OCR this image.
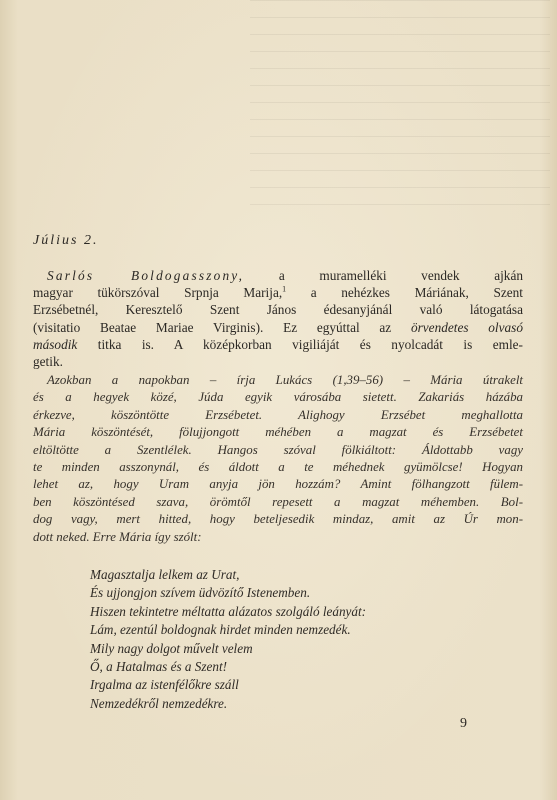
Július 2.
Sarlós Boldogasszony, a muramelléki vendek ajkán
magyar tükörszóval Srpnja Marija,$^1$ a nehézkes Máriának, Szent
Erzsébetnél, Keresztelő Szent János édesanyjánál való látogatása
(visitatio Beatae Mariae Virginis). Ez egyúttal az örvendetes olvasó
második titka is. A középkorban vigiliáját és nyolcadát is emle-
getik.
Azokban a napokban – írja Lukács (1,39–56) – Mária útrakelt
és a hegyek közé, Júda egyik városába sietett. Zakariás házába
érkezve, köszöntötte Erzsébetet. Alighogy Erzsébet meghallotta
Mária köszöntését, fölujjongott méhében a magzat és Erzsébetet
eltöltötte a Szentlélek. Hangos szóval fölkiáltott: Áldottabb vagy
te minden asszonynál, és áldott a te méhednek gyümölcse! Hogyan
lehet az, hogy Uram anyja jön hozzám? Amint fölhangzott fülem-
ben köszöntésed szava, örömtől repesett a magzat méhemben. Bol-
dog vagy, mert hitted, hogy beteljesedik mindaz, amit az Úr mon-
dott neked. Erre Mária így szólt:
Magasztalja lelkem az Urat,
És ujjongjon szívem üdvözítő Istenemben.
Hiszen tekintetre méltatta alázatos szolgáló leányát:
Lám, ezentúl boldognak hirdet minden nemzedék.
Mily nagy dolgot művelt velem
Ő, a Hatalmas és a Szent!
Irgalma az istenfélőkre száll
Nemzedékről nemzedékre.
9
